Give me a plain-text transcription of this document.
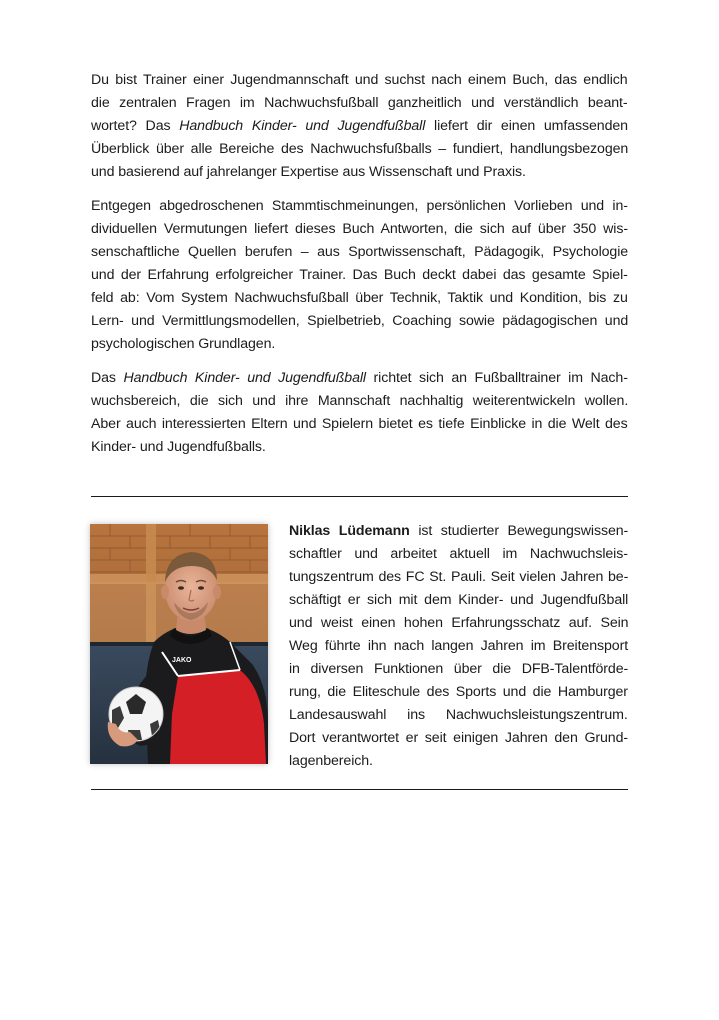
Du bist Trainer einer Jugendmannschaft und suchst nach einem Buch, das endlich
die zentralen Fragen im Nachwuchsfußball ganzheitlich und verständlich beant-
wortet? Das Handbuch Kinder- und Jugendfußball liefert dir einen umfassenden
Überblick über alle Bereiche des Nachwuchsfußballs – fundiert, handlungsbezogen
und basierend auf jahrelanger Expertise aus Wissenschaft und Praxis.
Entgegen abgedroschenen Stammtischmeinungen, persönlichen Vorlieben und in-
dividuellen Vermutungen liefert dieses Buch Antworten, die sich auf über 350 wis-
senschaftliche Quellen berufen – aus Sportwissenschaft, Pädagogik, Psychologie
und der Erfahrung erfolgreicher Trainer. Das Buch deckt dabei das gesamte Spiel-
feld ab: Vom System Nachwuchsfußball über Technik, Taktik und Kondition, bis zu
Lern- und Vermittlungsmodellen, Spielbetrieb, Coaching sowie pädagogischen und
psychologischen Grundlagen.
Das Handbuch Kinder- und Jugendfußball richtet sich an Fußballtrainer im Nach-
wuchsbereich, die sich und ihre Mannschaft nachhaltig weiterentwickeln wollen.
Aber auch interessierten Eltern und Spielern bietet es tiefe Einblicke in die Welt des
Kinder- und Jugendfußballs.
JAKO
Niklas Lüdemann ist studierter Bewegungswissen-
schaftler und arbeitet aktuell im Nachwuchsleis-
tungszentrum des FC St. Pauli. Seit vielen Jahren be-
schäftigt er sich mit dem Kinder- und Jugendfußball
und weist einen hohen Erfahrungsschatz auf. Sein
Weg führte ihn nach langen Jahren im Breitensport
in diversen Funktionen über die DFB-Talentförde-
rung, die Eliteschule des Sports und die Hamburger
Landesauswahl ins Nachwuchsleistungszentrum.
Dort verantwortet er seit einigen Jahren den Grund-
lagenbereich.
